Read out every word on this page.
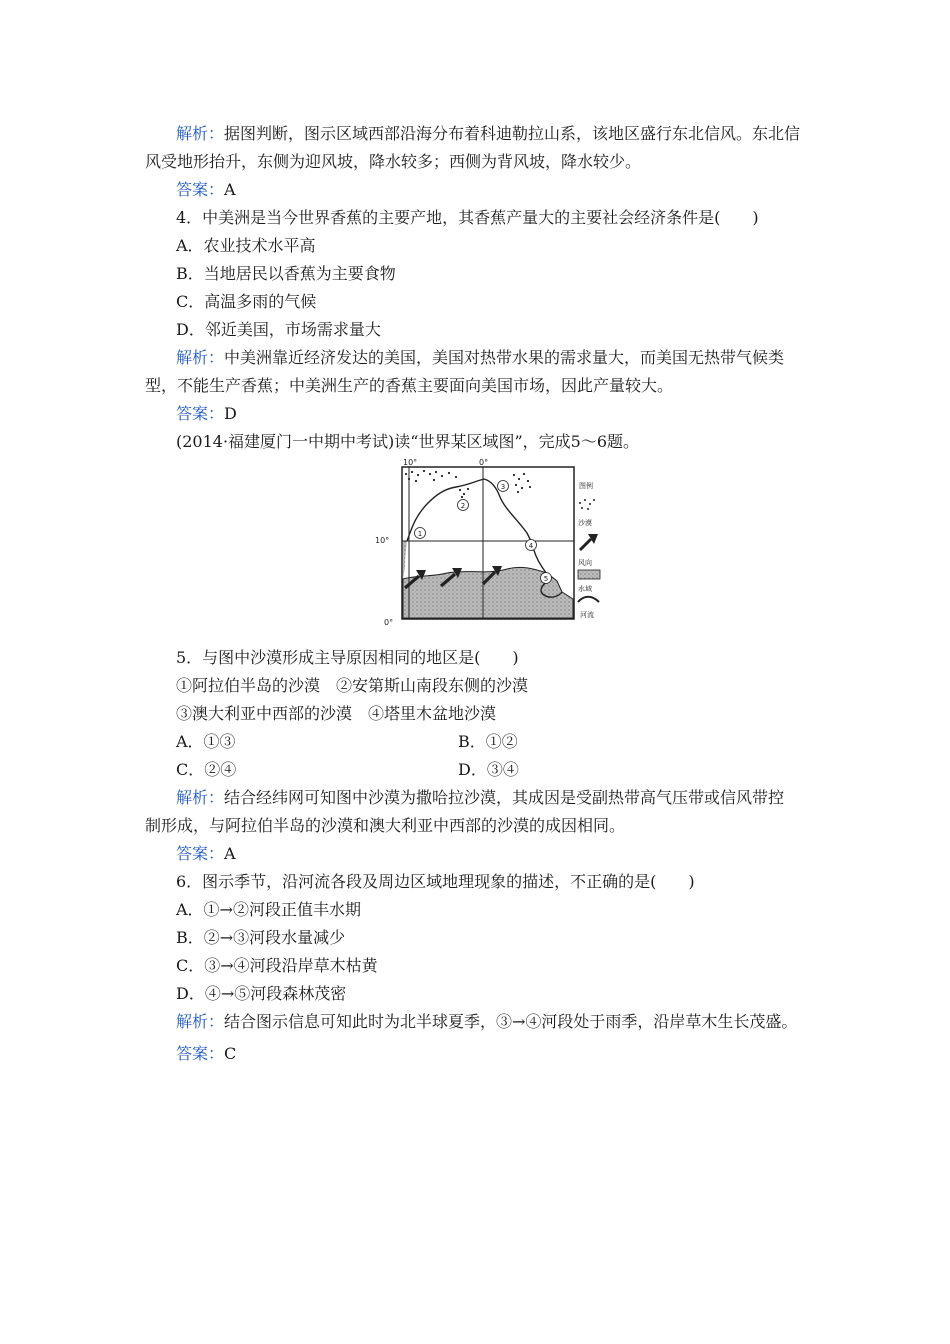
解析：据图判断，图示区域西部沿海分布着科迪勒拉山系，该地区盛行东北信风。东北信
风受地形抬升，东侧为迎风坡，降水较多；西侧为背风坡，降水较少。
答案：A
4．中美洲是当今世界香蕉的主要产地，其香蕉产量大的主要社会经济条件是(　　)
A．农业技术水平高
B．当地居民以香蕉为主要食物
C．高温多雨的气候
D．邻近美国，市场需求量大
解析：中美洲靠近经济发达的美国，美国对热带水果的需求量大，而美国无热带气候类
型，不能生产香蕉；中美洲生产的香蕉主要面向美国市场，因此产量较大。
答案：D
(2014·福建厦门一中期中考试)读“世界某区域图”，完成5～6题。
1
2
3
4
5
10°	0°
10°
0°
图例
沙漠
风向
水域
河流
5．与图中沙漠形成主导原因相同的地区是(　　)
①阿拉伯半岛的沙漠　②安第斯山南段东侧的沙漠
③澳大利亚中西部的沙漠　④塔里木盆地沙漠
A．①③	B．①②
C．②④	D．③④
解析：结合经纬网可知图中沙漠为撒哈拉沙漠，其成因是受副热带高气压带或信风带控
制形成，与阿拉伯半岛的沙漠和澳大利亚中西部的沙漠的成因相同。
答案：A
6．图示季节，沿河流各段及周边区域地理现象的描述，不正确的是(　　)
A．①→②河段正值丰水期
B．②→③河段水量减少
C．③→④河段沿岸草木枯黄
D．④→⑤河段森林茂密
解析：结合图示信息可知此时为北半球夏季，③→④河段处于雨季，沿岸草木生长茂盛。
答案：C
